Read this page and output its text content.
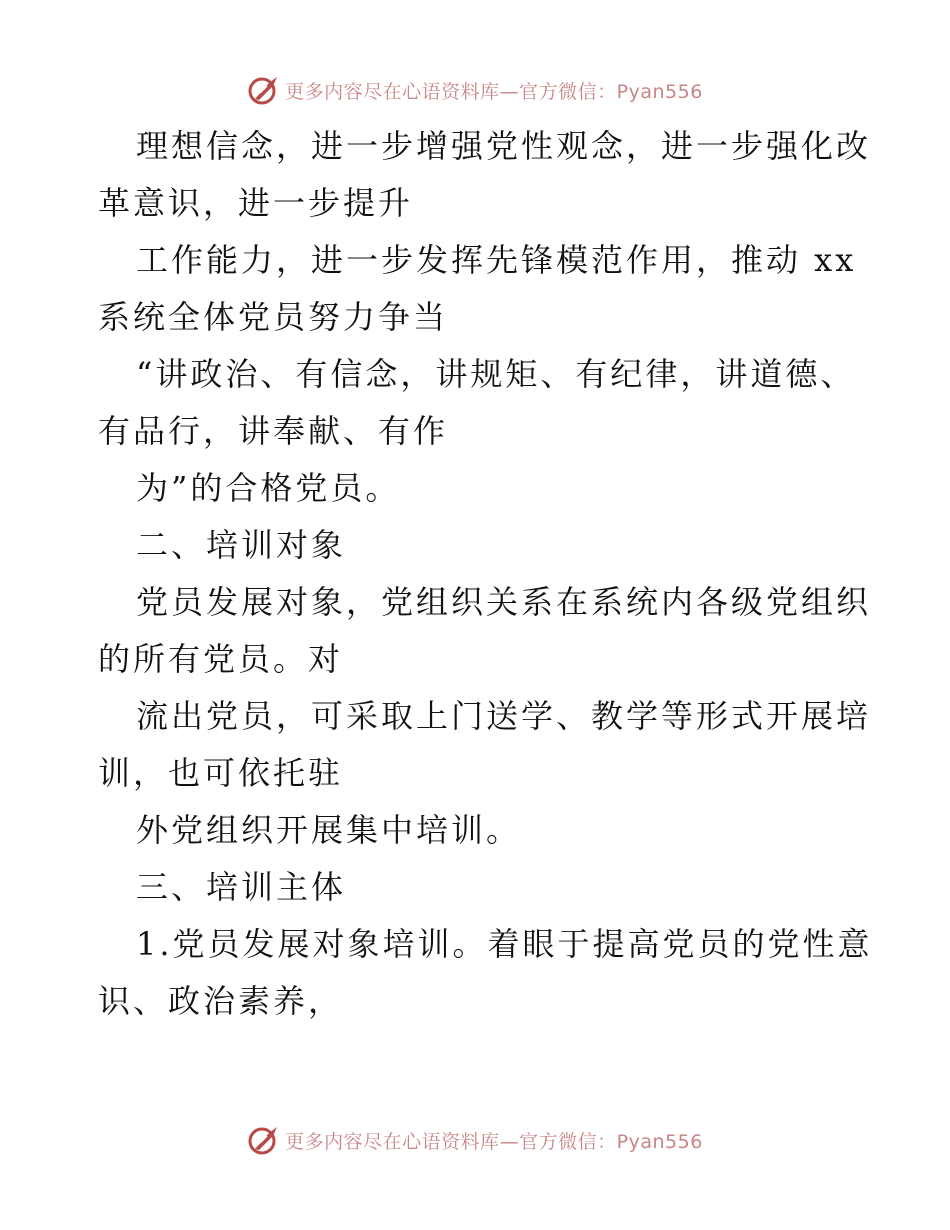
更多内容尽在心语资料库—官方微信：Pyan556

理想信念，进一步增强党性观念，进一步强化改

革意识，进一步提升

工作能力，进一步发挥先锋模范作用，推动 xx

系统全体党员努力争当

“讲政治、有信念，讲规矩、有纪律，讲道德、

有品行，讲奉献、有作

为”的合格党员。

二、培训对象

党员发展对象，党组织关系在系统内各级党组织

的所有党员。对

流出党员，可采取上门送学、教学等形式开展培

训，也可依托驻

外党组织开展集中培训。

三、培训主体

1.党员发展对象培训。着眼于提高党员的党性意

识、政治素养，

更多内容尽在心语资料库—官方微信：Pyan556
